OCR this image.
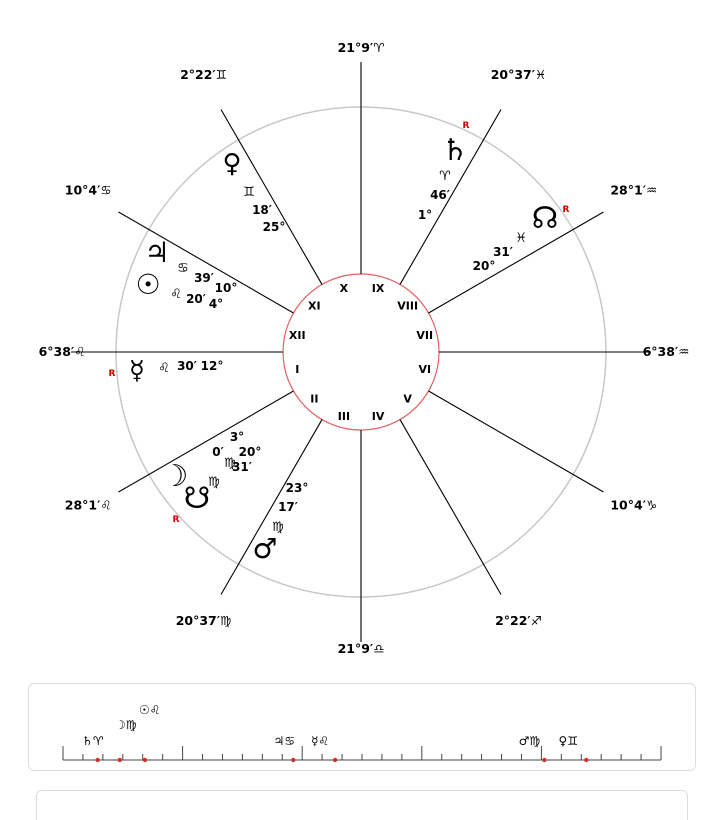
6°38′♌
28°1′♌
20°37′♍
21°9′♎
2°22′♐
10°4′♑
6°38′♒
28°1′♒
20°37′♓
21°9′♈
2°22′♊
10°4′♋
I
II
III IV
V
VI
VII
VIII
IX
X
XI
XII
♄
R
♈
46′
1°	☊ R
♓
31′
20°
♀
♊
18′
25°
♃ ♋
39′
10°
☉ ♌ 20′ 4°
☿
R	♌ 30′ 12°
☽
3°
0′ 20°
♍
31′
♍
☋
R
23°
17′
♍
♂
☉♌
☽♍
♄♈	♃♋ ☿♌	♂♍ ♀♊
